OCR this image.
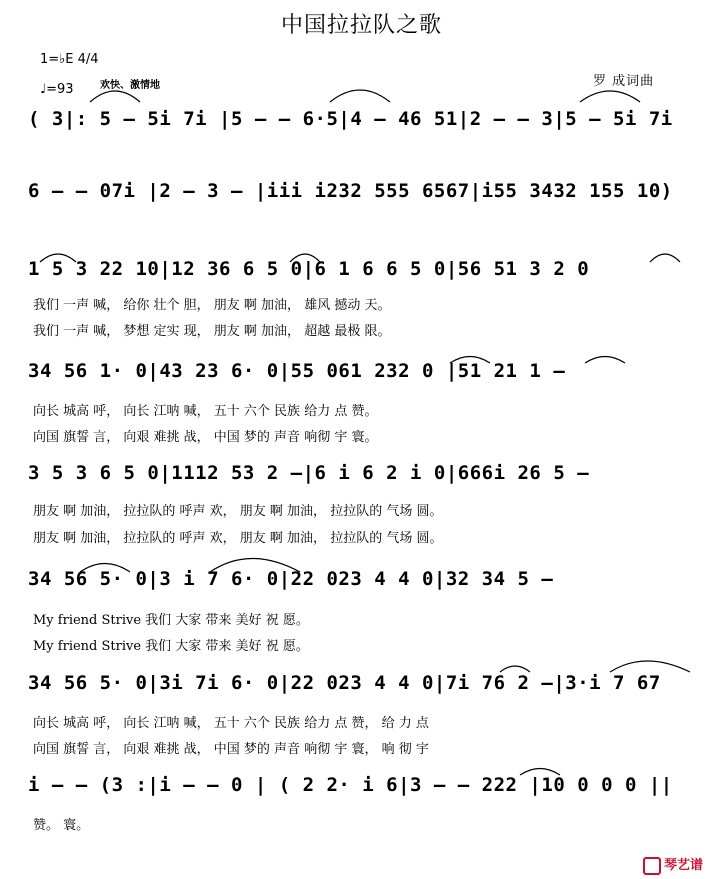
中国拉拉队之歌
1=♭E 4/4
♩=93	欢快、激情地	罗 成词曲
( 3|: 5 – 5i 7i |5 – – 6·5|4 – 46 51|2 – – 3|5 – 5i 7i
6 – – 07i |2 – 3 – |iii i232 555 6567|i55 3432 155 10)
1 5 3 22 10|12 36 6 5 0|6 1 6 6 5 0|56 51 3 2 0
我们 一声 喊， 给你 壮个 胆， 朋友 啊 加油， 雄风 撼动 天。
我们 一声 喊， 梦想 定实 现， 朋友 啊 加油， 超越 最极 限。
34 56 1· 0|43 23 6· 0|55 061 232 0 |51 21 1 –
向长 城高 呼， 向长 江呐 喊， 五十 六个 民族 给力 点 赞。
向国 旗誓 言， 向艰 难挑 战， 中国 梦的 声音 响彻 宇 寰。
3 5 3 6 5 0|1112 53 2 –|6 i 6 2 i 0|666i 26 5 –
朋友 啊 加油， 拉拉队的 呼声 欢， 朋友 啊 加油， 拉拉队的 气场 圆。
朋友 啊 加油， 拉拉队的 呼声 欢， 朋友 啊 加油， 拉拉队的 气场 圆。
34 56 5· 0|3 i 7 6· 0|22 023 4 4 0|32 34 5 –
My friend Strive 我们 大家 带来 美好 祝 愿。
My friend Strive 我们 大家 带来 美好 祝 愿。
34 56 5· 0|3i 7i 6· 0|22 023 4 4 0|7i 76 2 –|3·i 7 67
向长 城高 呼， 向长 江呐 喊， 五十 六个 民族 给力 点 赞， 给 力 点
向国 旗誓 言， 向艰 难挑 战， 中国 梦的 声音 响彻 宇 寰， 响 彻 宇
i – – (3 :|i – – 0 | ( 2 2· i 6|3 – – 222 |10 0 0 0 ||
赞。 寰。
琴艺谱
